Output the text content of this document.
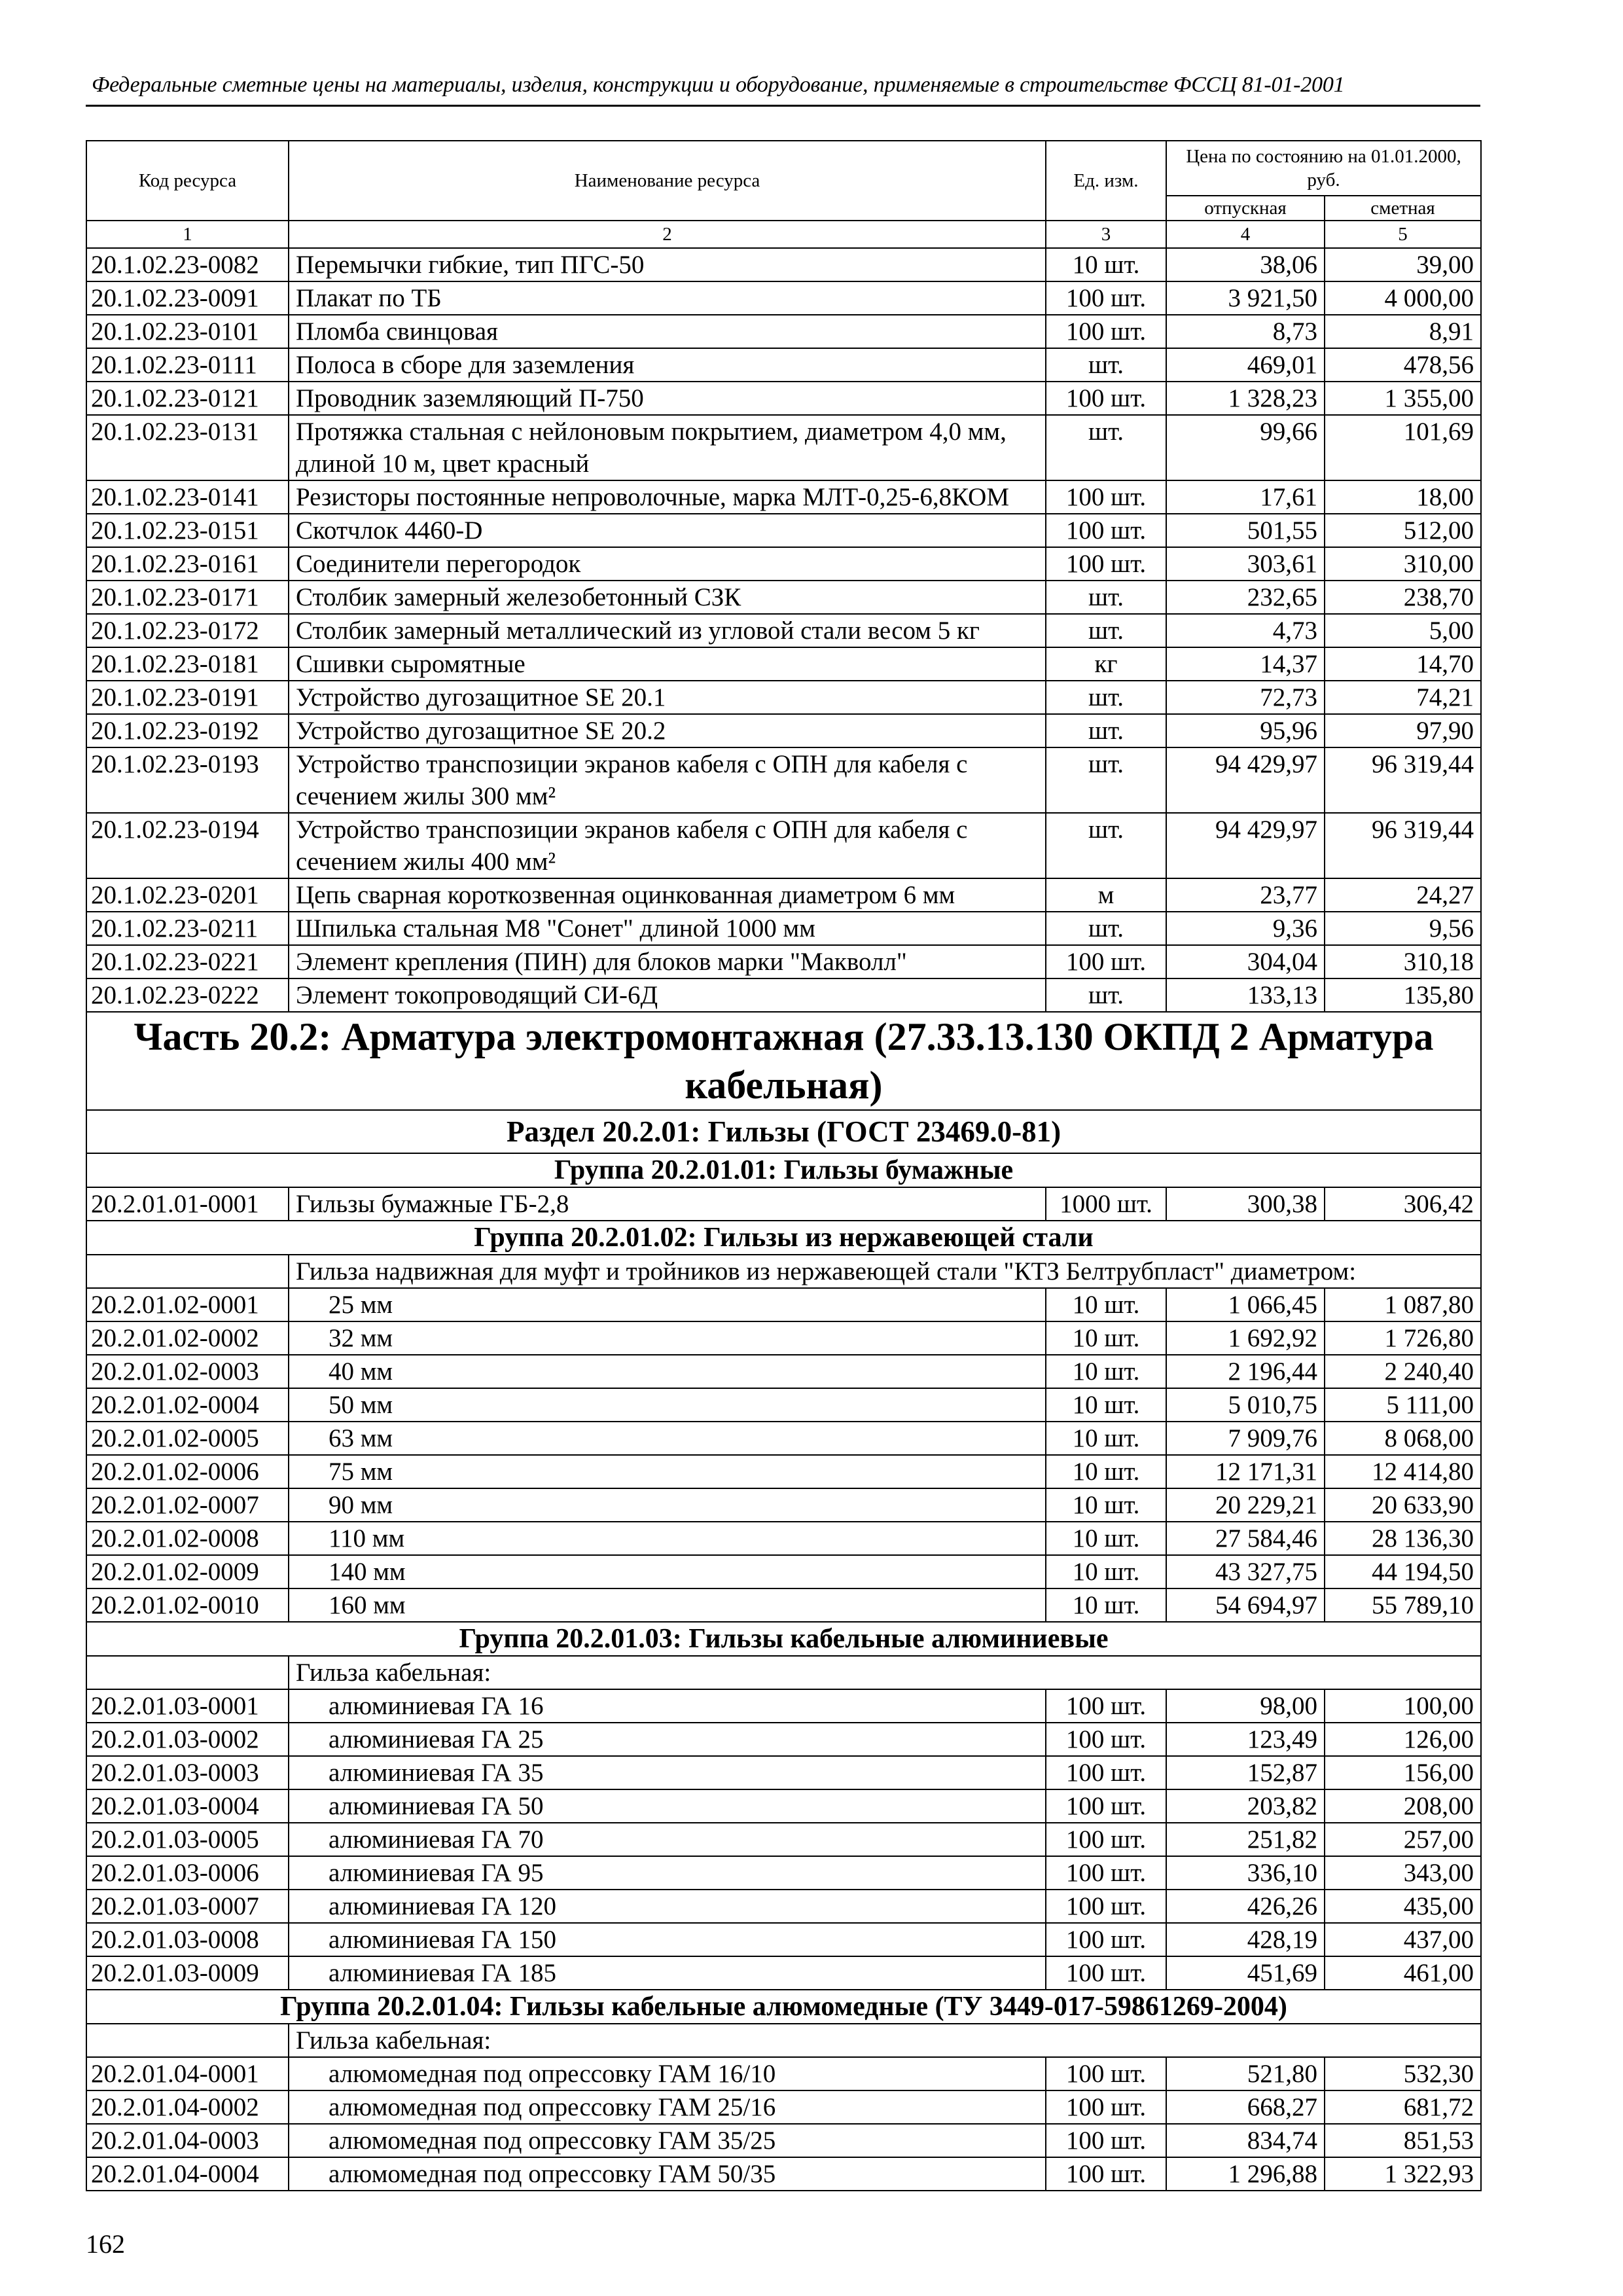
Федеральные сметные цены на материалы, изделия, конструкции и оборудование, применяемые в строительстве ФССЦ 81-01-2001
Код ресурса	Наименование ресурса	Ед. изм.	Цена по состоянию на 01.01.2000, руб.	
			отпускная	сметная
1	2	3	4	5
20.1.02.23-0082	Перемычки гибкие, тип ПГС-50	10 шт.	38,06	39,00
20.1.02.23-0091	Плакат по ТБ	100 шт.	3 921,50	4 000,00
20.1.02.23-0101	Пломба свинцовая	100 шт.	8,73	8,91
20.1.02.23-0111	Полоса в сборе для заземления	шт.	469,01	478,56
20.1.02.23-0121	Проводник заземляющий П-750	100 шт.	1 328,23	1 355,00
20.1.02.23-0131	Протяжка стальная с нейлоновым покрытием, диаметром 4,0 мм, длиной 10 м, цвет красный	шт.	99,66	101,69
20.1.02.23-0141	Резисторы постоянные непроволочные, марка МЛТ-0,25-6,8КОМ	100 шт.	17,61	18,00
20.1.02.23-0151	Скотчлок 4460-D	100 шт.	501,55	512,00
20.1.02.23-0161	Соединители перегородок	100 шт.	303,61	310,00
20.1.02.23-0171	Столбик замерный железобетонный СЗК	шт.	232,65	238,70
20.1.02.23-0172	Столбик замерный металлический из угловой стали весом 5 кг	шт.	4,73	5,00
20.1.02.23-0181	Сшивки сыромятные	кг	14,37	14,70
20.1.02.23-0191	Устройство дугозащитное SE 20.1	шт.	72,73	74,21
20.1.02.23-0192	Устройство дугозащитное SE 20.2	шт.	95,96	97,90
20.1.02.23-0193	Устройство транспозиции экранов кабеля с ОПН для кабеля с сечением жилы 300 мм²	шт.	94 429,97	96 319,44
20.1.02.23-0194	Устройство транспозиции экранов кабеля с ОПН для кабеля с сечением жилы 400 мм²	шт.	94 429,97	96 319,44
20.1.02.23-0201	Цепь сварная короткозвенная оцинкованная диаметром 6 мм	м	23,77	24,27
20.1.02.23-0211	Шпилька стальная М8 "Сонет" длиной 1000 мм	шт.	9,36	9,56
20.1.02.23-0221	Элемент крепления (ПИН) для блоков марки "Макволл"	100 шт.	304,04	310,18
20.1.02.23-0222	Элемент токопроводящий СИ-6Д	шт.	133,13	135,80
Часть 20.2: Арматура электромонтажная (27.33.13.130 ОКПД 2 Арматура кабельная)				
Раздел 20.2.01: Гильзы (ГОСТ 23469.0-81)				
Группа 20.2.01.01: Гильзы бумажные				
20.2.01.01-0001	Гильзы бумажные ГБ-2,8	1000 шт.	300,38	306,42
Группа 20.2.01.02: Гильзы из нержавеющей стали				
	Гильза надвижная для муфт и тройников из нержавеющей стали "КТЗ Белтрубпласт" диаметром:			
20.2.01.02-0001	25 мм	10 шт.	1 066,45	1 087,80
20.2.01.02-0002	32 мм	10 шт.	1 692,92	1 726,80
20.2.01.02-0003	40 мм	10 шт.	2 196,44	2 240,40
20.2.01.02-0004	50 мм	10 шт.	5 010,75	5 111,00
20.2.01.02-0005	63 мм	10 шт.	7 909,76	8 068,00
20.2.01.02-0006	75 мм	10 шт.	12 171,31	12 414,80
20.2.01.02-0007	90 мм	10 шт.	20 229,21	20 633,90
20.2.01.02-0008	110 мм	10 шт.	27 584,46	28 136,30
20.2.01.02-0009	140 мм	10 шт.	43 327,75	44 194,50
20.2.01.02-0010	160 мм	10 шт.	54 694,97	55 789,10
Группа 20.2.01.03: Гильзы кабельные алюминиевые				
	Гильза кабельная:			
20.2.01.03-0001	алюминиевая ГА 16	100 шт.	98,00	100,00
20.2.01.03-0002	алюминиевая ГА 25	100 шт.	123,49	126,00
20.2.01.03-0003	алюминиевая ГА 35	100 шт.	152,87	156,00
20.2.01.03-0004	алюминиевая ГА 50	100 шт.	203,82	208,00
20.2.01.03-0005	алюминиевая ГА 70	100 шт.	251,82	257,00
20.2.01.03-0006	алюминиевая ГА 95	100 шт.	336,10	343,00
20.2.01.03-0007	алюминиевая ГА 120	100 шт.	426,26	435,00
20.2.01.03-0008	алюминиевая ГА 150	100 шт.	428,19	437,00
20.2.01.03-0009	алюминиевая ГА 185	100 шт.	451,69	461,00
Группа 20.2.01.04: Гильзы кабельные алюмомедные (ТУ 3449-017-59861269-2004)				
	Гильза кабельная:			
20.2.01.04-0001	алюмомедная под опрессовку ГАМ 16/10	100 шт.	521,80	532,30
20.2.01.04-0002	алюмомедная под опрессовку ГАМ 25/16	100 шт.	668,27	681,72
20.2.01.04-0003	алюмомедная под опрессовку ГАМ 35/25	100 шт.	834,74	851,53
20.2.01.04-0004	алюмомедная под опрессовку ГАМ 50/35	100 шт.	1 296,88	1 322,93
162
